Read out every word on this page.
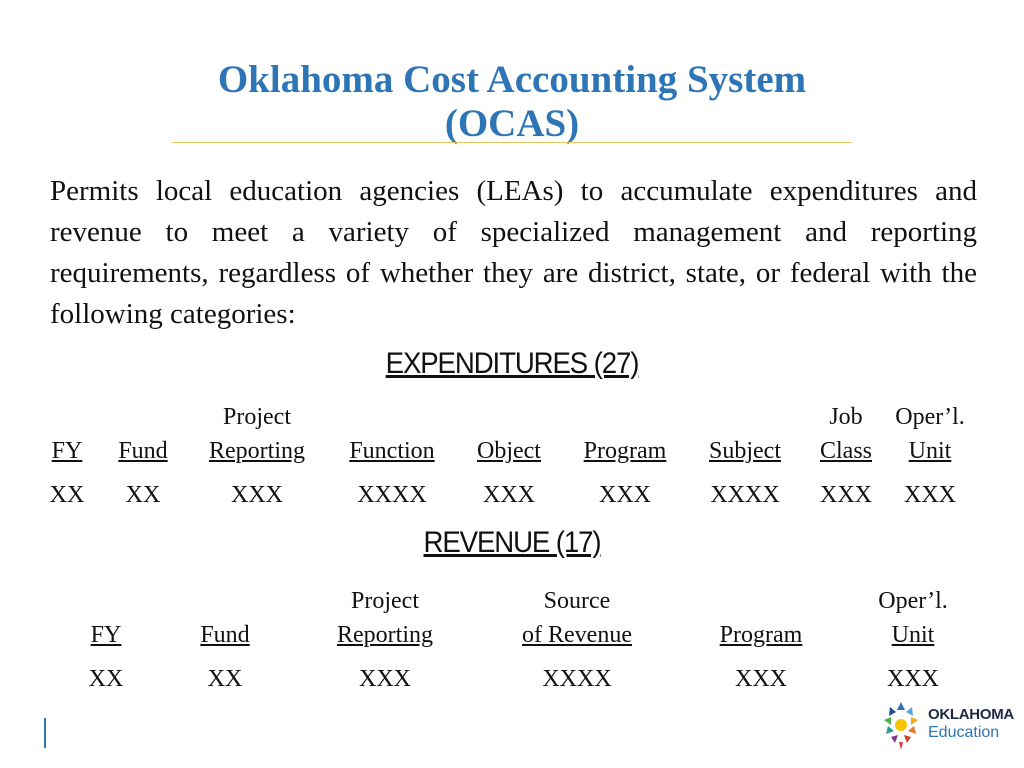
Oklahoma Cost Accounting System
(OCAS)
Permits local education agencies (LEAs) to accumulate expenditures and revenue to meet a variety of specialized management and reporting requirements, regardless of whether they are district, state, or federal with the following categories:
EXPENDITURES (27)

FY
XX

Fund
XX
Project
Reporting
XXX

Function
XXXX

Object
XXX

Program
XXX

Subject
XXXX
Job
Class
XXX
Oper’l.
Unit
XXX
REVENUE (17)

FY
XX

Fund
XX
Project
Reporting
XXX
Source
of Revenue
XXXX

Program
XXX
Oper’l.
Unit
XXX
OKLAHOMA
Education
